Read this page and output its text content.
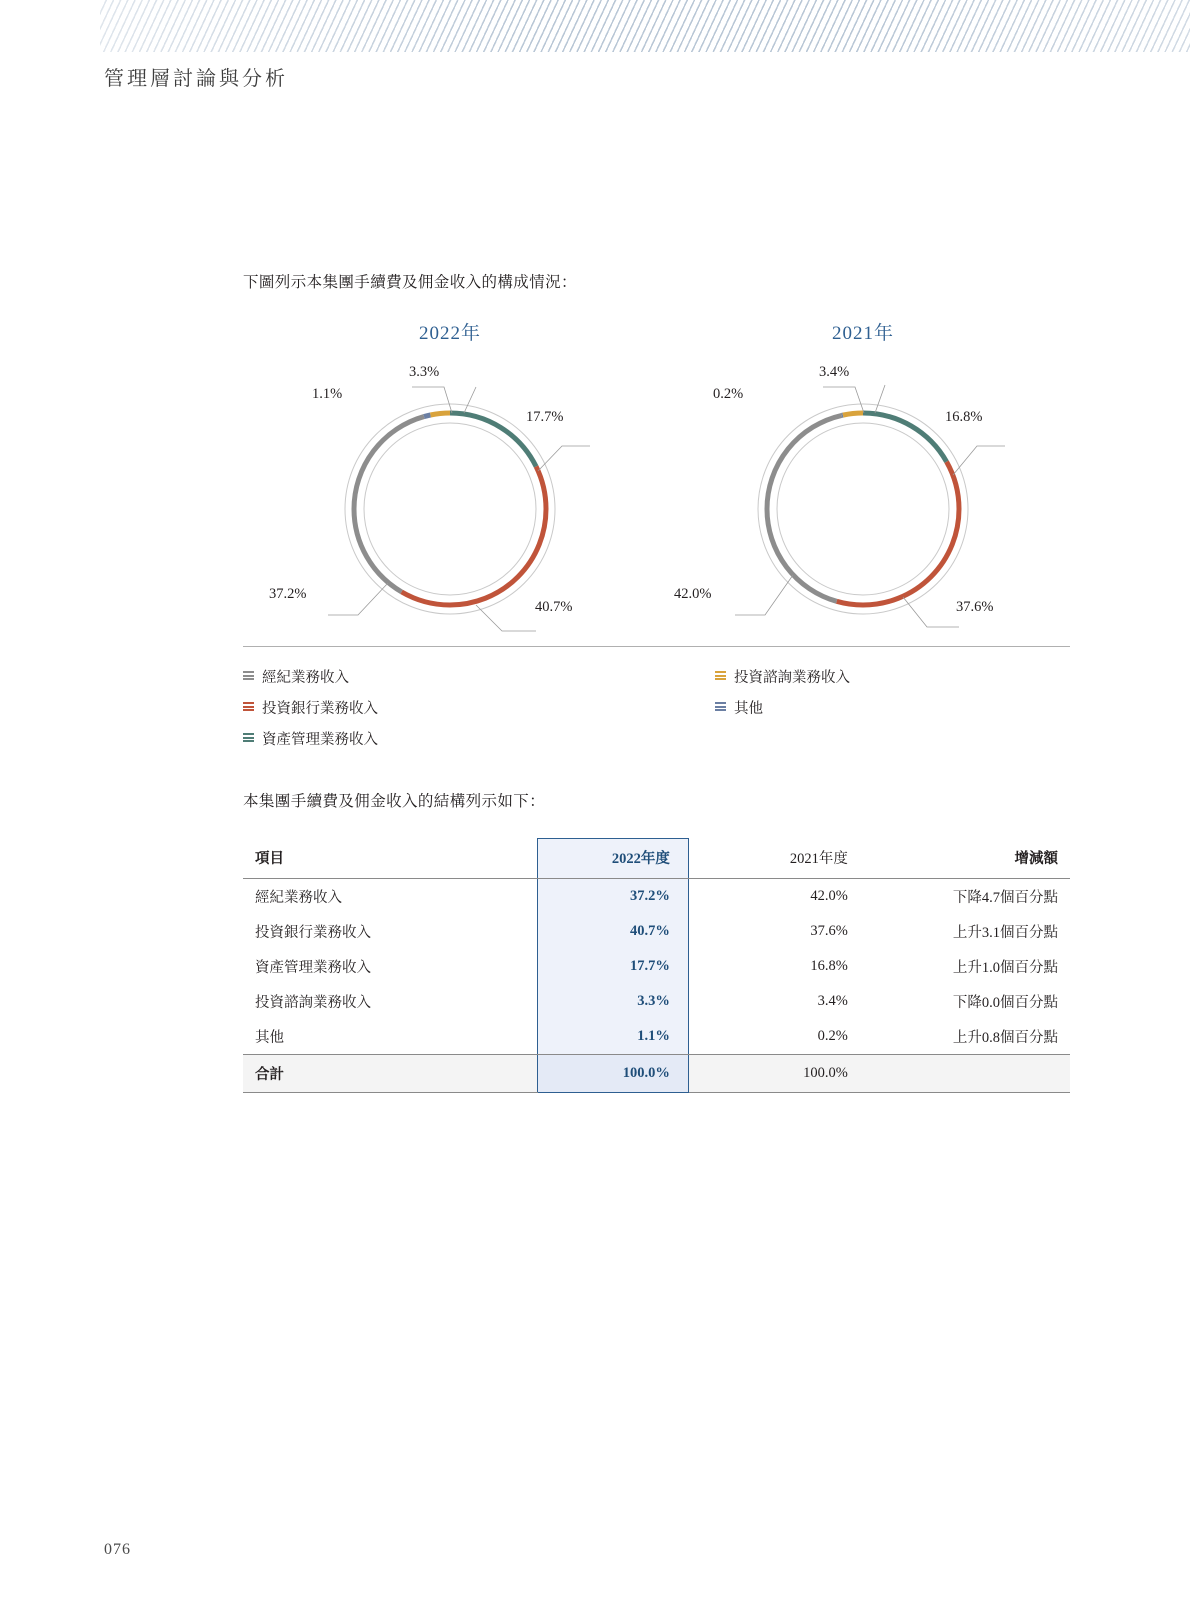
管理層討論與分析
下圖列示本集團手續費及佣金收入的構成情況：
2022年
3.3%
1.1%
17.7%
40.7%
37.2%
2021年
3.4%
0.2%
16.8%
37.6%
42.0%
經紀業務收入
投資銀行業務收入
資產管理業務收入
投資諮詢業務收入
其他
本集團手續費及佣金收入的結構列示如下：
項目	2022年度	2021年度	增減額
經紀業務收入	37.2%	42.0%	下降4.7個百分點
投資銀行業務收入	40.7%	37.6%	上升3.1個百分點
資產管理業務收入	17.7%	16.8%	上升1.0個百分點
投資諮詢業務收入	3.3%	3.4%	下降0.0個百分點
其他	1.1%	0.2%	上升0.8個百分點
合計	100.0%	100.0%	
076
